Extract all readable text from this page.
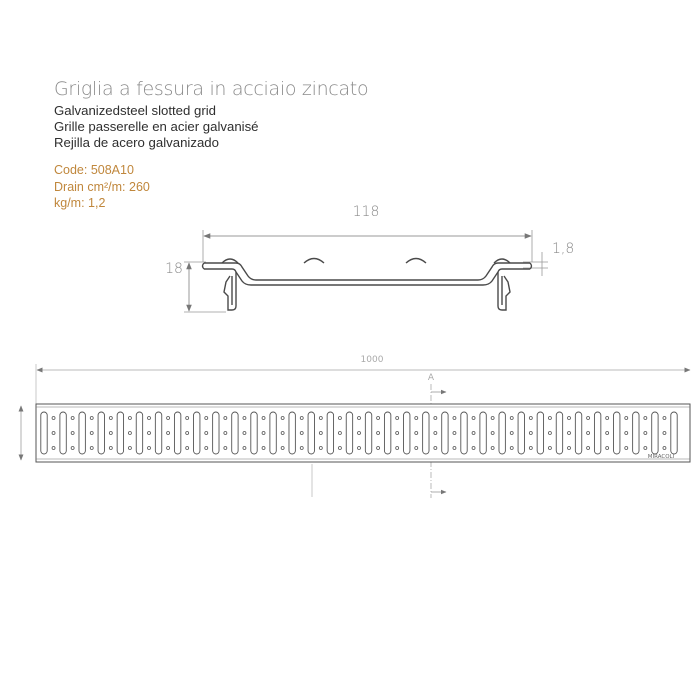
Griglia a fessura in acciaio zincato
Galvanizedsteel slotted grid
Grille passerelle en acier galvanisé
Rejilla de acero galvanizado
Code: 508A10
Drain cm²/m: 260
kg/m: 1,2
118
18
1,8
1000
A
MIRACOLI
